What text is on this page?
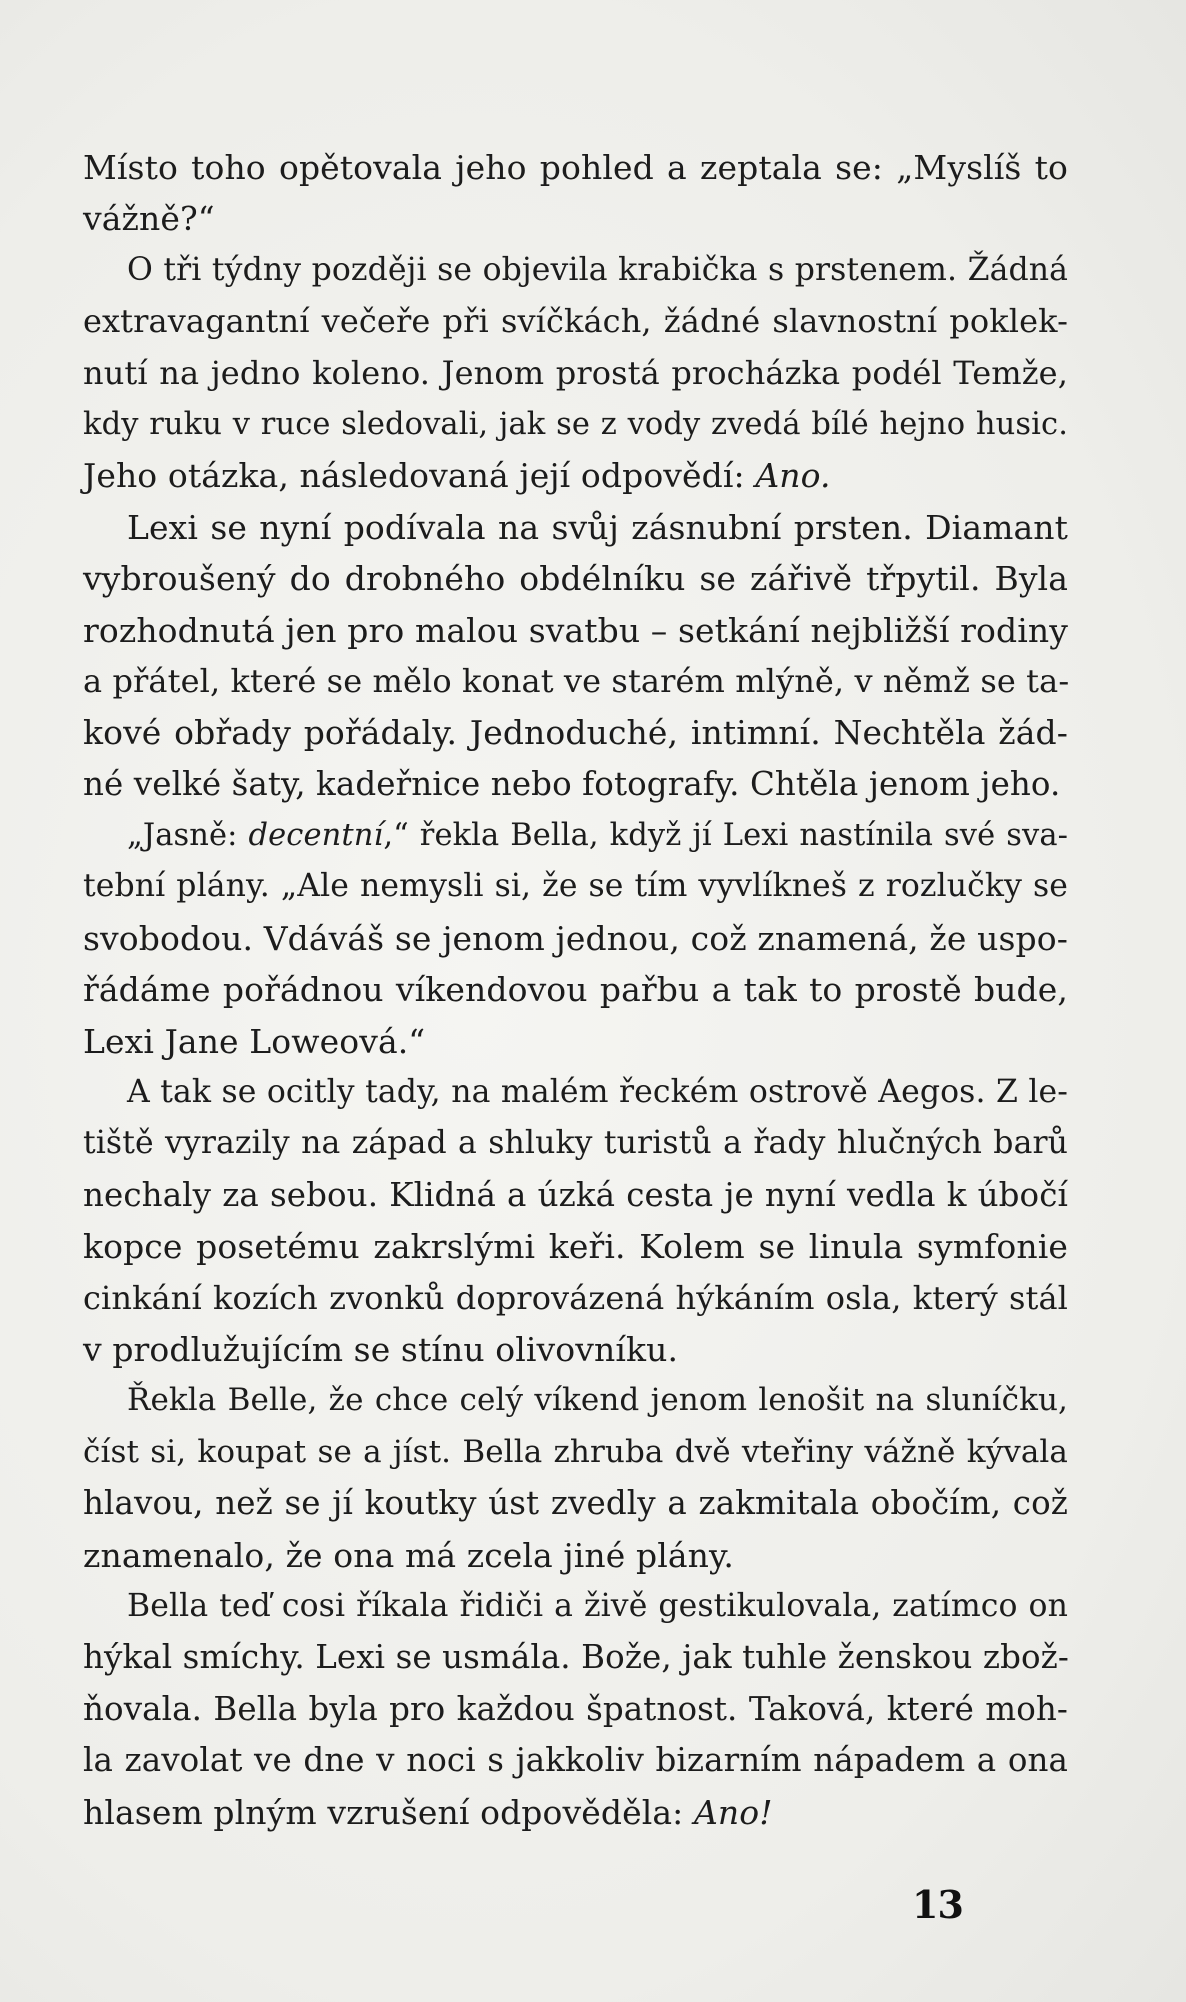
Místo toho opětovala jeho pohled a zeptala se: „Myslíš to
vážně?“
O tři týdny později se objevila krabička s prstenem. Žádná
extravagantní večeře při svíčkách, žádné slavnostní poklek-
nutí na jedno koleno. Jenom prostá procházka podél Temže,
kdy ruku v ruce sledovali, jak se z vody zvedá bílé hejno husic.
Jeho otázka, následovaná její odpovědí: Ano.
Lexi se nyní podívala na svůj zásnubní prsten. Diamant
vybroušený do drobného obdélníku se zářivě třpytil. Byla
rozhodnutá jen pro malou svatbu – setkání nejbližší rodiny
a přátel, které se mělo konat ve starém mlýně, v němž se ta-
kové obřady pořádaly. Jednoduché, intimní. Nechtěla žád-
né velké šaty, kadeřnice nebo fotografy. Chtěla jenom jeho.
„Jasně: decentní,“ řekla Bella, když jí Lexi nastínila své sva-
tební plány. „Ale nemysli si, že se tím vyvlíkneš z rozlučky se
svobodou. Vdáváš se jenom jednou, což znamená, že uspo-
řádáme pořádnou víkendovou pařbu a tak to prostě bude,
Lexi Jane Loweová.“
A tak se ocitly tady, na malém řeckém ostrově Aegos. Z le-
tiště vyrazily na západ a shluky turistů a řady hlučných barů
nechaly za sebou. Klidná a úzká cesta je nyní vedla k úbočí
kopce posetému zakrslými keři. Kolem se linula symfonie
cinkání kozích zvonků doprovázená hýkáním osla, který stál
v prodlužujícím se stínu olivovníku.
Řekla Belle, že chce celý víkend jenom lenošit na sluníčku,
číst si, koupat se a jíst. Bella zhruba dvě vteřiny vážně kývala
hlavou, než se jí koutky úst zvedly a zakmitala obočím, což
znamenalo, že ona má zcela jiné plány.
Bella teď cosi říkala řidiči a živě gestikulovala, zatímco on
hýkal smíchy. Lexi se usmála. Bože, jak tuhle ženskou zbož-
ňovala. Bella byla pro každou špatnost. Taková, které moh-
la zavolat ve dne v noci s jakkoliv bizarním nápadem a ona
hlasem plným vzrušení odpověděla: Ano!
13
